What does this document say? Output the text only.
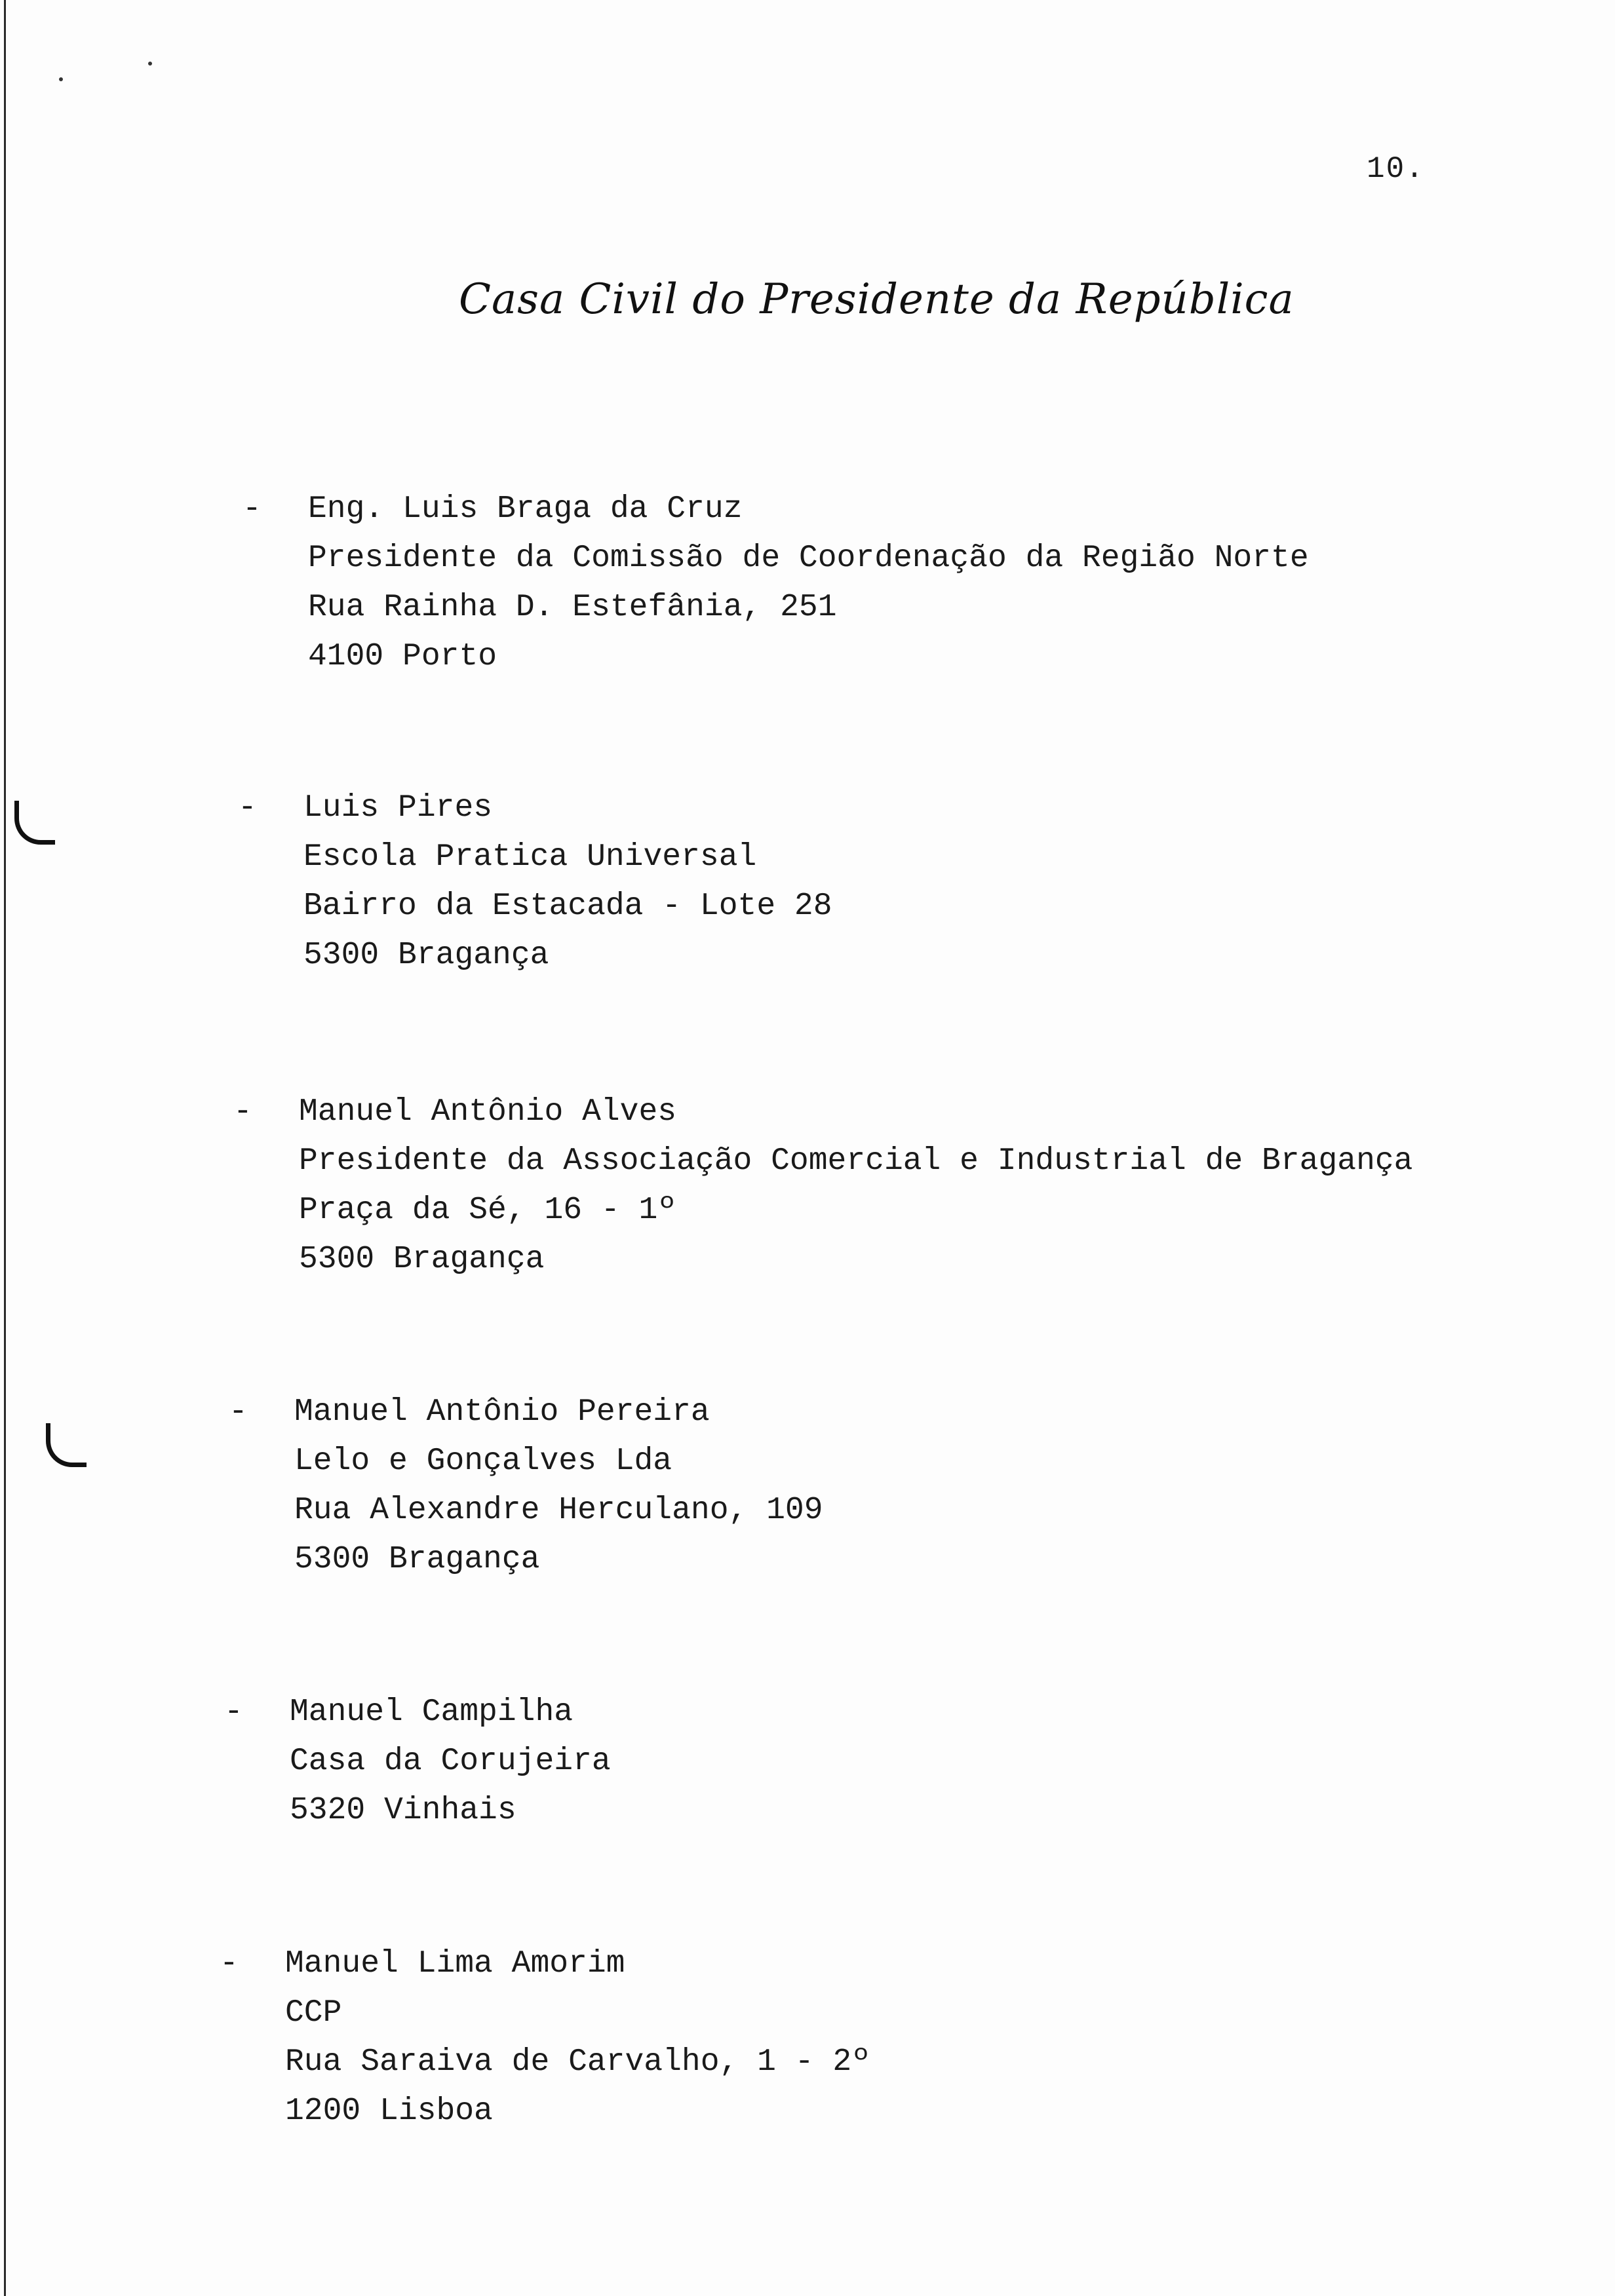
10.
Casa Civil do Presidente da República
- Eng. Luis Braga da Cruz
Presidente da Comissão de Coordenação da Região Norte
Rua Rainha D. Estefânia, 251
4100 Porto
- Luis Pires
Escola Pratica Universal
Bairro da Estacada - Lote 28
5300 Bragança
- Manuel Antônio Alves
Presidente da Associação Comercial e Industrial de Bragança
Praça da Sé, 16 - 1º
5300 Bragança
- Manuel Antônio Pereira
Lelo e Gonçalves Lda
Rua Alexandre Herculano, 109
5300 Bragança
- Manuel Campilha
Casa da Corujeira
5320 Vinhais
- Manuel Lima Amorim
CCP
Rua Saraiva de Carvalho, 1 - 2º
1200 Lisboa
